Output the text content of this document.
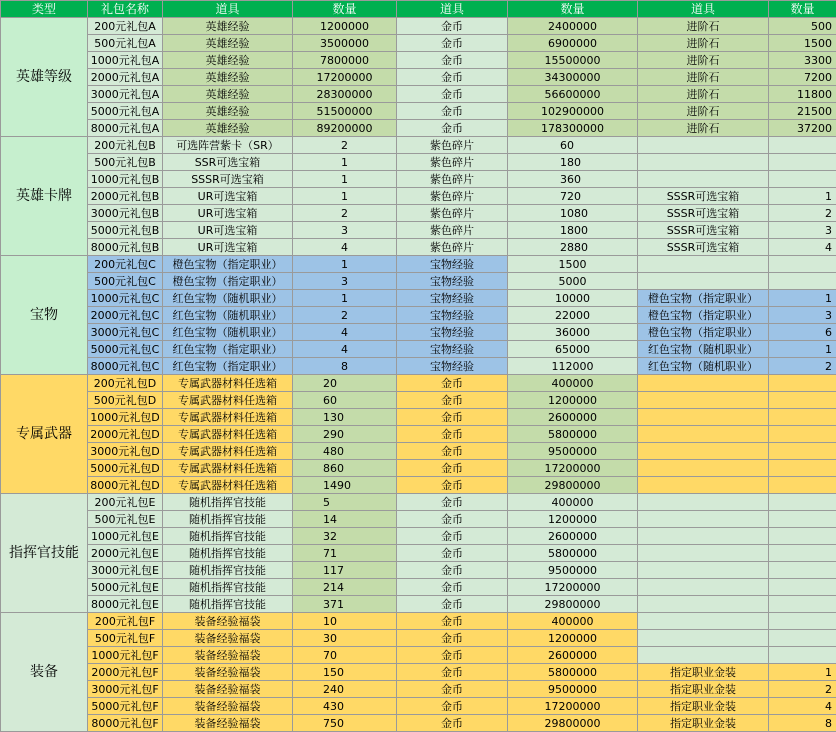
类型	礼包名称	道具	数量	道具	数量	道具	数量
英雄等级	200元礼包A	英雄经验	1200000	金币	2400000	进阶石	500
	500元礼包A	英雄经验	3500000	金币	6900000	进阶石	1500
	1000元礼包A	英雄经验	7800000	金币	15500000	进阶石	3300
	2000元礼包A	英雄经验	17200000	金币	34300000	进阶石	7200
	3000元礼包A	英雄经验	28300000	金币	56600000	进阶石	11800
	5000元礼包A	英雄经验	51500000	金币	102900000	进阶石	21500
	8000元礼包A	英雄经验	89200000	金币	178300000	进阶石	37200
英雄卡牌	200元礼包B	可选阵营紫卡（SR）	2	紫色碎片	60		
	500元礼包B	SSR可选宝箱	1	紫色碎片	180		
	1000元礼包B	SSSR可选宝箱	1	紫色碎片	360		
	2000元礼包B	UR可选宝箱	1	紫色碎片	720	SSSR可选宝箱	1
	3000元礼包B	UR可选宝箱	2	紫色碎片	1080	SSSR可选宝箱	2
	5000元礼包B	UR可选宝箱	3	紫色碎片	1800	SSSR可选宝箱	3
	8000元礼包B	UR可选宝箱	4	紫色碎片	2880	SSSR可选宝箱	4
宝物	200元礼包C	橙色宝物（指定职业）	1	宝物经验	1500		
	500元礼包C	橙色宝物（指定职业）	3	宝物经验	5000		
	1000元礼包C	红色宝物（随机职业）	1	宝物经验	10000	橙色宝物（指定职业）	1
	2000元礼包C	红色宝物（随机职业）	2	宝物经验	22000	橙色宝物（指定职业）	3
	3000元礼包C	红色宝物（随机职业）	4	宝物经验	36000	橙色宝物（指定职业）	6
	5000元礼包C	红色宝物（指定职业）	4	宝物经验	65000	红色宝物（随机职业）	1
	8000元礼包C	红色宝物（指定职业）	8	宝物经验	112000	红色宝物（随机职业）	2
专属武器	200元礼包D	专属武器材料任选箱	20	金币	400000		
	500元礼包D	专属武器材料任选箱	60	金币	1200000		
	1000元礼包D	专属武器材料任选箱	130	金币	2600000		
	2000元礼包D	专属武器材料任选箱	290	金币	5800000		
	3000元礼包D	专属武器材料任选箱	480	金币	9500000		
	5000元礼包D	专属武器材料任选箱	860	金币	17200000		
	8000元礼包D	专属武器材料任选箱	1490	金币	29800000		
指挥官技能	200元礼包E	随机指挥官技能	5	金币	400000		
	500元礼包E	随机指挥官技能	14	金币	1200000		
	1000元礼包E	随机指挥官技能	32	金币	2600000		
	2000元礼包E	随机指挥官技能	71	金币	5800000		
	3000元礼包E	随机指挥官技能	117	金币	9500000		
	5000元礼包E	随机指挥官技能	214	金币	17200000		
	8000元礼包E	随机指挥官技能	371	金币	29800000		
装备	200元礼包F	装备经验福袋	10	金币	400000		
	500元礼包F	装备经验福袋	30	金币	1200000		
	1000元礼包F	装备经验福袋	70	金币	2600000		
	2000元礼包F	装备经验福袋	150	金币	5800000	指定职业金装	1
	3000元礼包F	装备经验福袋	240	金币	9500000	指定职业金装	2
	5000元礼包F	装备经验福袋	430	金币	17200000	指定职业金装	4
	8000元礼包F	装备经验福袋	750	金币	29800000	指定职业金装	8
